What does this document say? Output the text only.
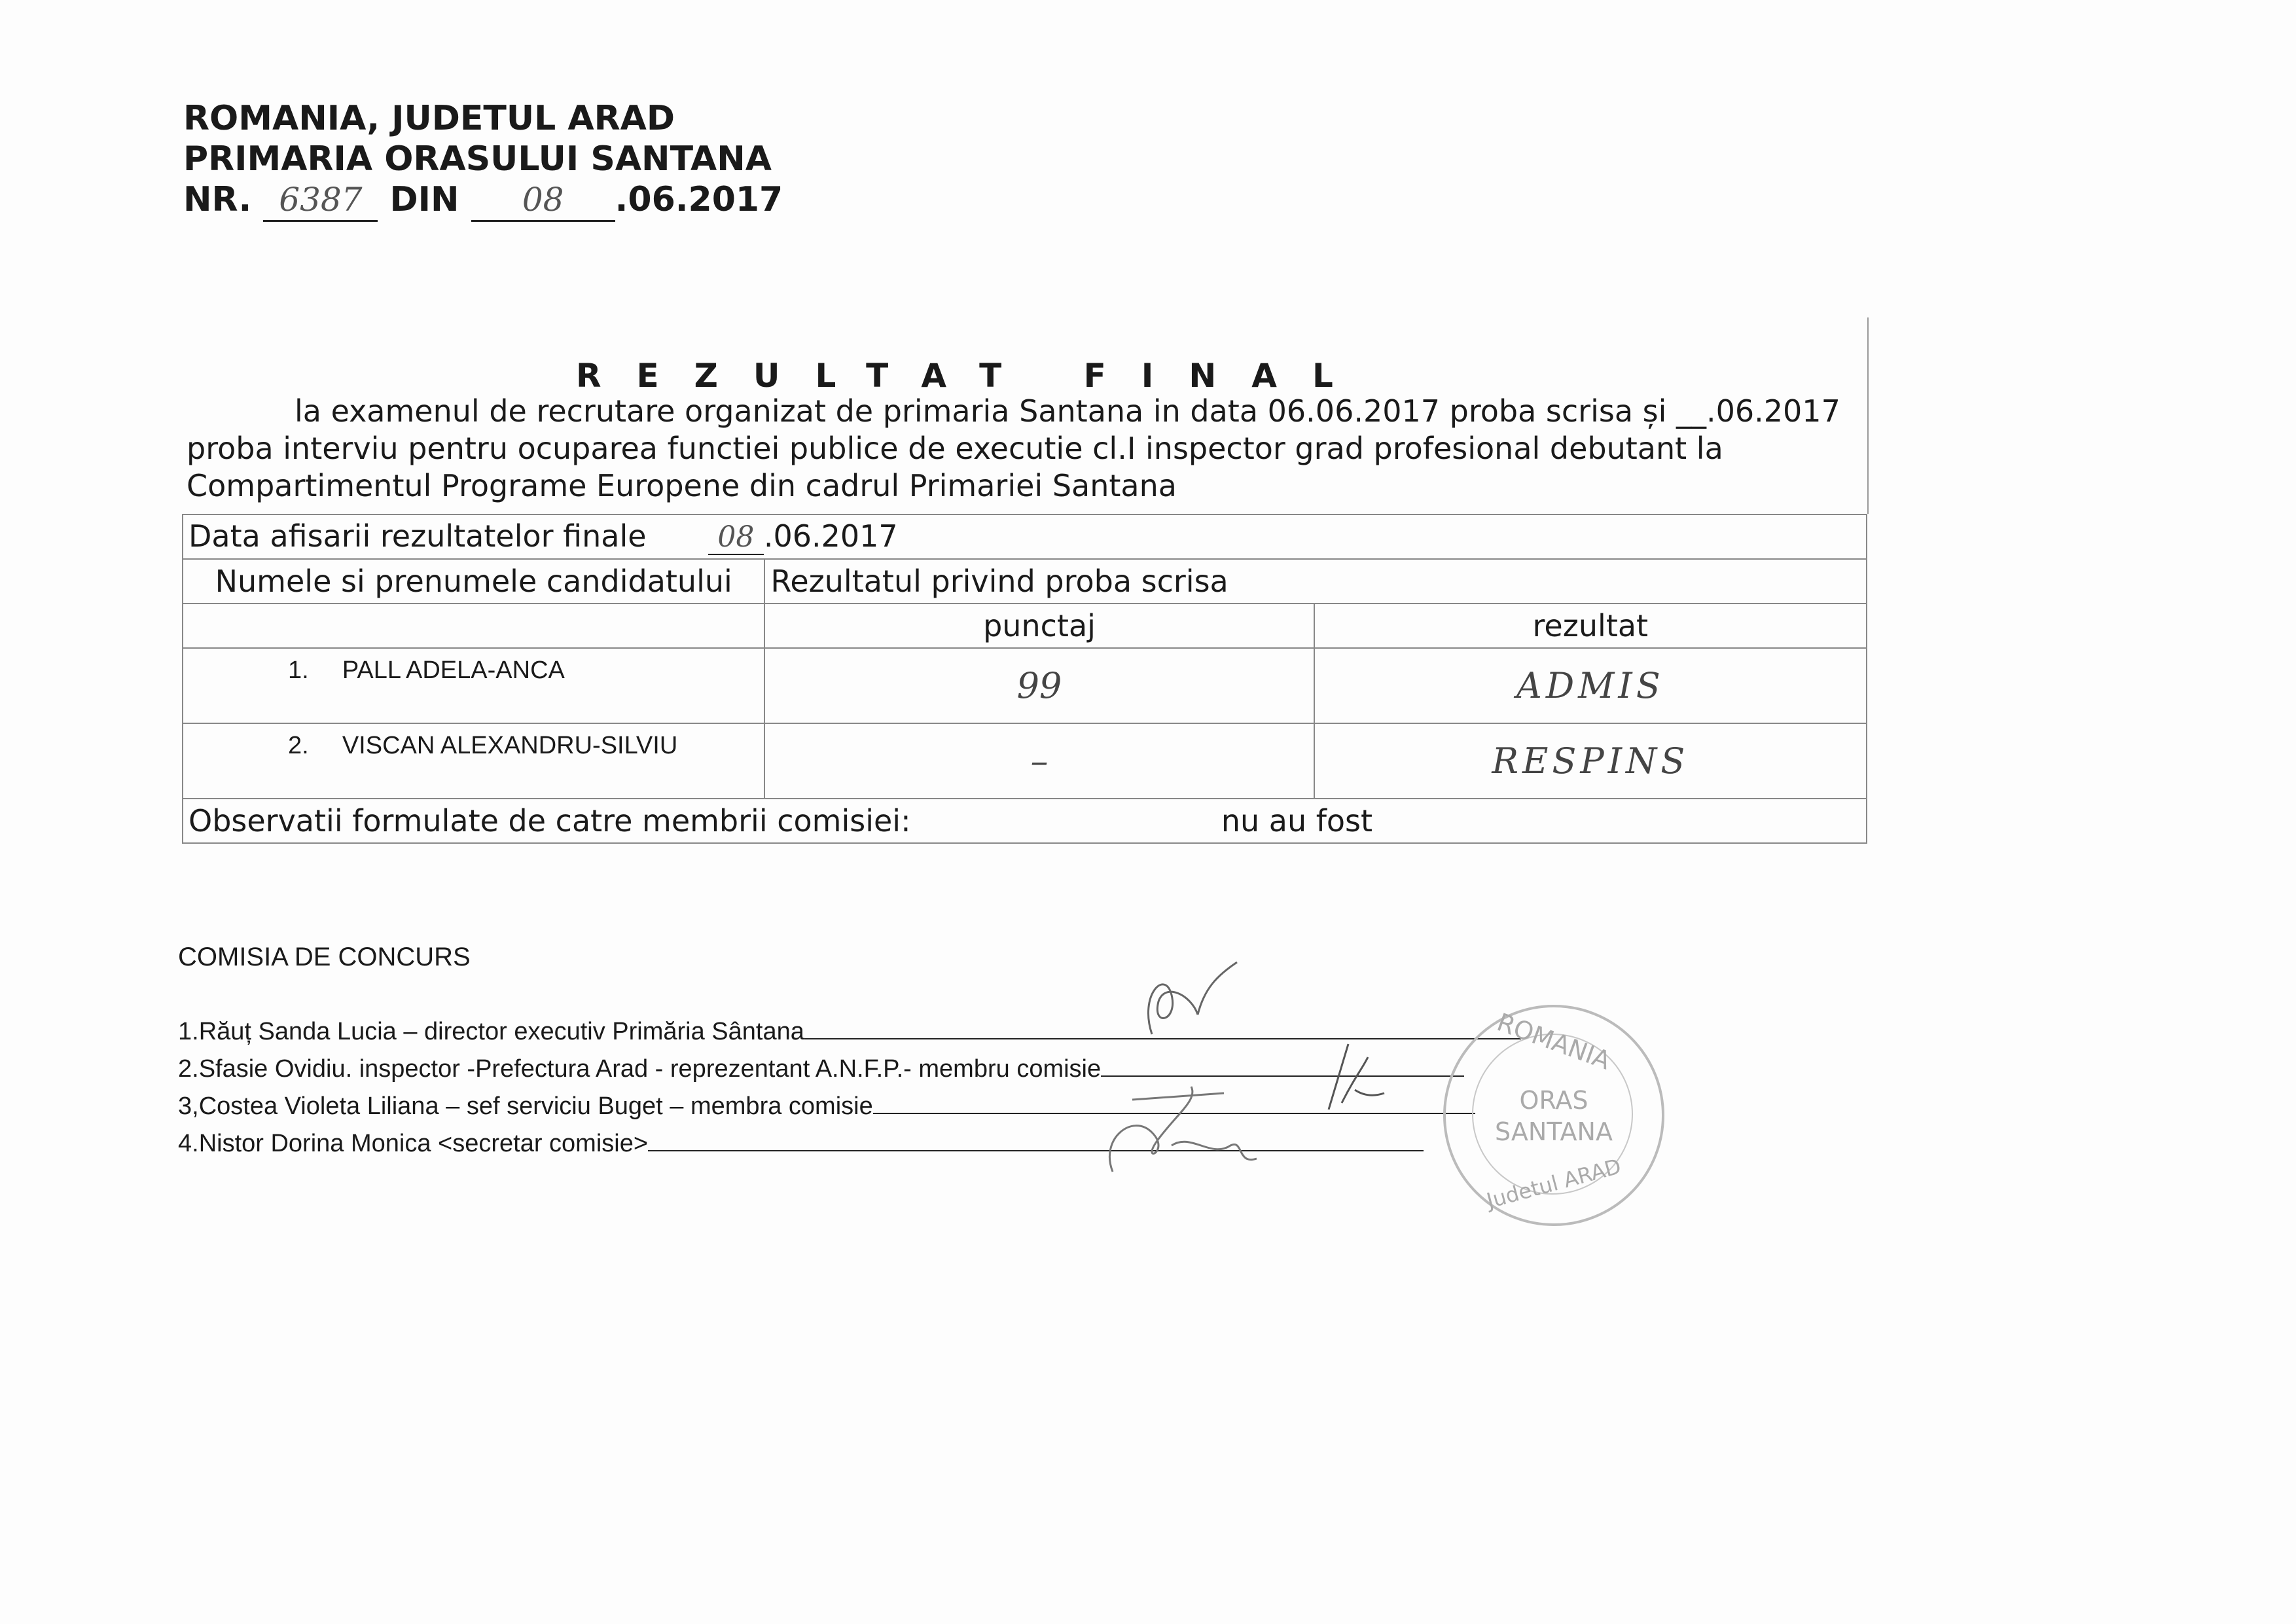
ROMANIA, JUDETUL ARAD
PRIMARIA ORASULUI SANTANA
NR. 6387 DIN 08 .06.2017
REZULTAT FINAL
la examenul de recrutare organizat de primaria Santana in data 06.06.2017 proba scrisa și __.06.2017
proba interviu pentru ocuparea functiei publice de executie cl.I inspector grad profesional debutant la
Compartimentul Programe Europene din cadrul Primariei Santana
Data afisarii rezultatelor finale 08 .06.2017		
Numele si prenumele candidatului	Rezultatul privind proba scrisa	
	punctaj	rezultat
1. PALL ADELA-ANCA	99	ADMIS
2. VISCAN ALEXANDRU-SILVIU	–	RESPINS
Observatii formulate de catre membrii comisiei: nu au fost		
COMISIA DE CONCURS
1.Răuț Sanda Lucia – director executiv Primăria Sântana
2.Sfasie Ovidiu. inspector -Prefectura Arad - reprezentant A.N.F.P.- membru comisie
3,Costea Violeta Liliana – sef serviciu Buget – membra comisie
4.Nistor Dorina Monica <secretar comisie>
ROMANIA
ORAS
SANTANA
Judetul ARAD
